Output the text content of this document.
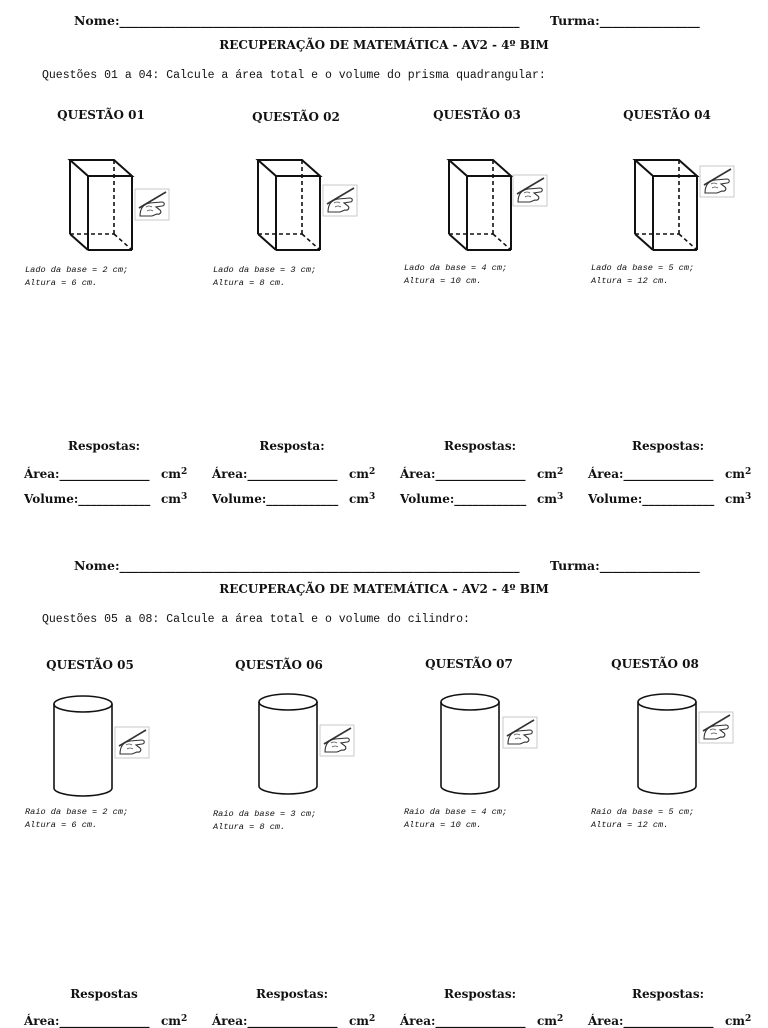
Nome:________________________________________________________________ Turma:________________
RECUPERAÇÃO DE MATEMÁTICA - AV2 - 4º BIM
Questões 01 a 04: Calcule a área total e o volume do prisma quadrangular:
QUESTÃO 01	QUESTÃO 02	QUESTÃO 03	QUESTÃO 04
Lado da base = 2 cm;
Altura = 6 cm.
Lado da base = 3 cm;
Altura = 8 cm.
Lado da base = 4 cm;
Altura = 10 cm.
Lado da base = 5 cm;
Altura = 12 cm.
Respostas:	Resposta:	Respostas:	Respostas:
Área:_______________ $cm^2$
Volume:____________ $cm^3$
Área:_______________ $cm^2$
Volume:____________ $cm^3$
Área:_______________ $cm^2$
Volume:____________ $cm^3$
Área:_______________ $cm^2$
Volume:____________ $cm^3$
Nome:________________________________________________________________ Turma:________________
RECUPERAÇÃO DE MATEMÁTICA - AV2 - 4º BIM
Questões 05 a 08: Calcule a área total e o volume do cilindro:
QUESTÃO 05	QUESTÃO 06	QUESTÃO 07	QUESTÃO 08
Raio da base = 2 cm;
Altura = 6 cm.
Raio da base = 3 cm;
Altura = 8 cm.
Raio da base = 4 cm;
Altura = 10 cm.
Raio da base = 5 cm;
Altura = 12 cm.
Respostas	Respostas:	Respostas:	Respostas:
Área:_______________ $cm^2$ Área:_______________ $cm^2$ Área:_______________ $cm^2$ Área:_______________ $cm^2$
